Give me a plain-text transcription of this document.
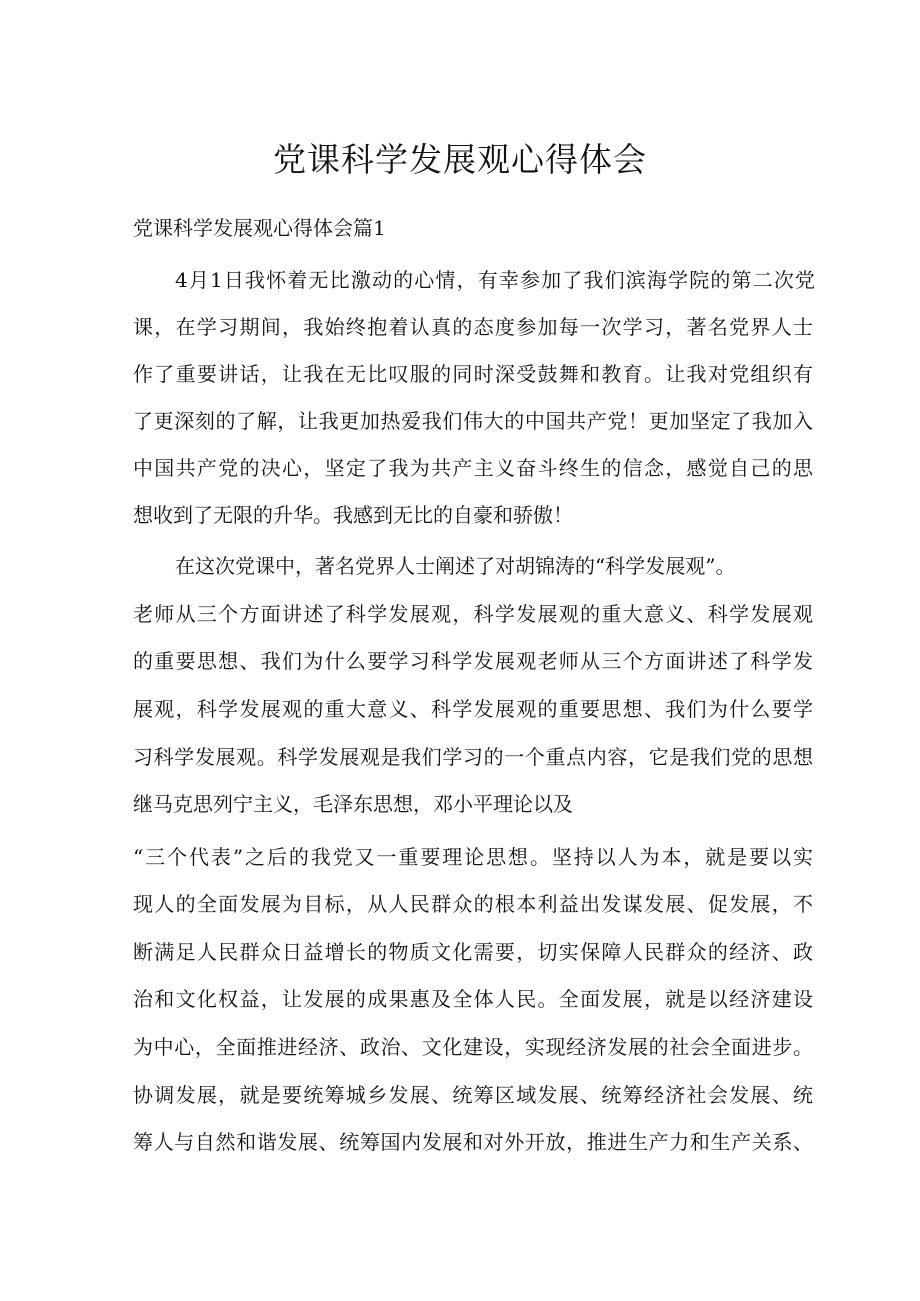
党课科学发展观心得体会
党课科学发展观心得体会篇1
4月1日我怀着无比激动的心情，有幸参加了我们滨海学院的第二次党
课，在学习期间，我始终抱着认真的态度参加每一次学习，著名党界人士
作了重要讲话，让我在无比叹服的同时深受鼓舞和教育。让我对党组织有
了更深刻的了解，让我更加热爱我们伟大的中国共产党！更加坚定了我加入
中国共产党的决心，坚定了我为共产主义奋斗终生的信念，感觉自己的思
想收到了无限的升华。我感到无比的自豪和骄傲！
在这次党课中，著名党界人士阐述了对胡锦涛的“科学发展观”。
老师从三个方面讲述了科学发展观，科学发展观的重大意义、科学发展观
的重要思想、我们为什么要学习科学发展观老师从三个方面讲述了科学发
展观，科学发展观的重大意义、科学发展观的重要思想、我们为什么要学
习科学发展观。科学发展观是我们学习的一个重点内容，它是我们党的思想
继马克思列宁主义，毛泽东思想，邓小平理论以及
“三个代表”之后的我党又一重要理论思想。坚持以人为本，就是要以实
现人的全面发展为目标，从人民群众的根本利益出发谋发展、促发展，不
断满足人民群众日益增长的物质文化需要，切实保障人民群众的经济、政
治和文化权益，让发展的成果惠及全体人民。全面发展，就是以经济建设
为中心，全面推进经济、政治、文化建设，实现经济发展的社会全面进步。
协调发展，就是要统筹城乡发展、统筹区域发展、统筹经济社会发展、统
筹人与自然和谐发展、统筹国内发展和对外开放，推进生产力和生产关系、
